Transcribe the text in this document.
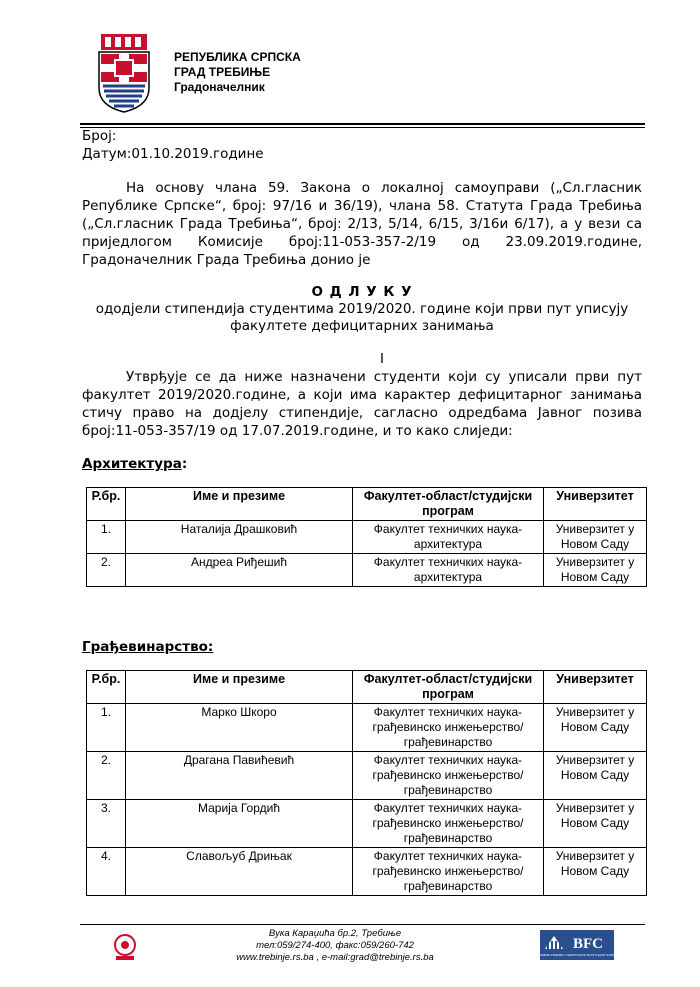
РЕПУБЛИКА СРПСКА
ГРАД ТРЕБИЊЕ
Градоначелник
Број:
Датум:01.10.2019.године
На основу члана 59. Закона о локалној самоуправи („Сл.гласник Републике Српске“, број: 97/16 и 36/19), члана 58. Статута Града Требиња („Сл.гласник Града Требиња“, број: 2/13, 5/14, 6/15, 3/16и 6/17), а у вези са приједлогом Комисије број:11-053-357-2/19 од 23.09.2019.године, Градоначелник Града Требиња донио је
О Д Л У К У
ододјели стипендија студентима 2019/2020. године који први пут уписују
факултете дефицитарних занимања
I
Утврђује се да ниже назначени студенти који су уписали први пут факултет 2019/2020.године, а који има карактер дефицитарног занимања стичу право на додјелу стипендије, сагласно одредбама Јавног позива број:11-053-357/19 од 17.07.2019.године, и то како слиједи:
Архитектура:
Р.бр.	Име и презиме	Факултет-област/студијски програм	Универзитет
1.	Наталија Драшковић	Факултет техничких наука-архитектура	Универзитет у Новом Саду
2.	Андреа Риђешић	Факултет техничких наука-архитектура	Универзитет у Новом Саду
Грађевинарство:
Р.бр.	Име и презиме	Факултет-област/студијски програм	Универзитет
1.	Марко Шкоро	Факултет техничких наука-грађевинско инжењерство/грађевинарство	Универзитет у Новом Саду
2.	Драгана Павићевић	Факултет техничких наука-грађевинско инжењерство/грађевинарство	Универзитет у Новом Саду
3.	Марија Гордић	Факултет техничких наука-грађевинско инжењерство/грађевинарство	Универзитет у Новом Саду
4.	Славољуб Дрињак	Факултет техничких наука-грађевинско инжењерство/грађевинарство	Универзитет у Новом Саду
Вука Караџића бр.2, Требиње
тел:059/274-400, факс:059/260-742
www.trebinje.rs.ba , e-mail:grad@trebinje.rs.ba
BFC
BUSINESS FRIENDLY CERTIFICATE SOUTH EAST EUROPE
